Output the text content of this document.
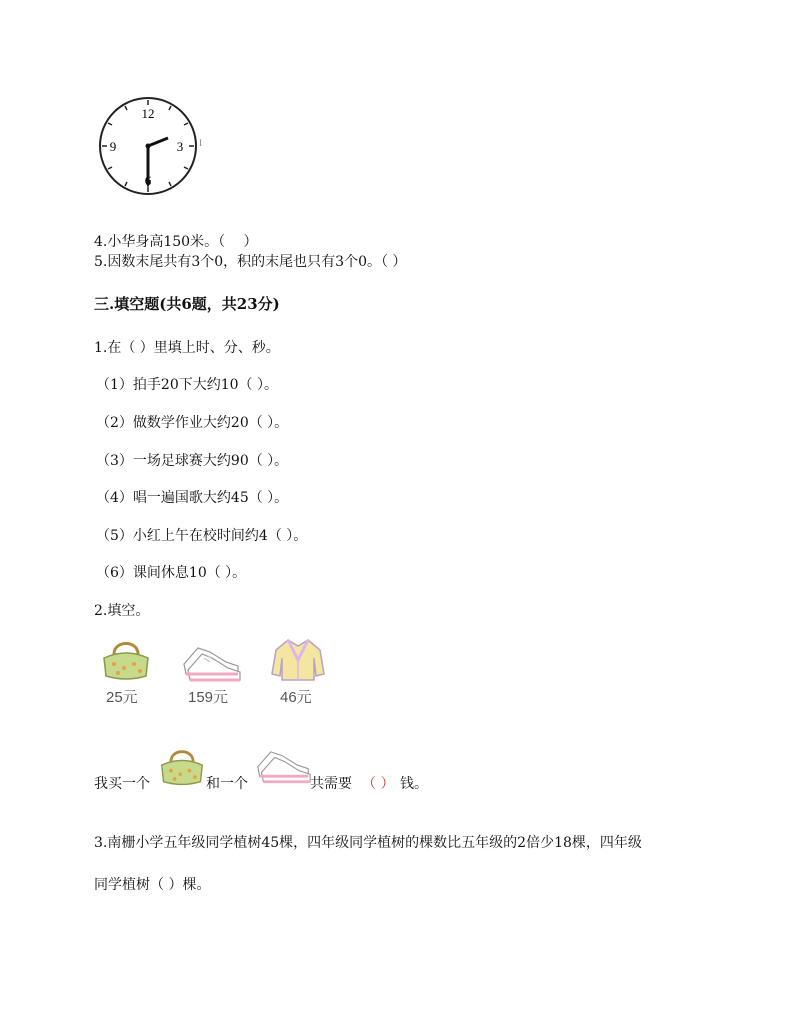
12
3
9	I
4.小华身高150米。（　 ）
5.因数末尾共有3个0，积的末尾也只有3个0。（ ）
三.填空题(共6题，共23分)
1.在（ ）里填上时、分、秒。
（1）拍手20下大约10（ ）。
（2）做数学作业大约20（ ）。
（3）一场足球赛大约90（ ）。
（4）唱一遍国歌大约45（ ）。
（5）小红上午在校时间约4（ ）。
（6）课间休息10（ ）。
2.填空。
25元	159元	46元
我买一个	和一个	共需要 （ ） 钱。
3.南栅小学五年级同学植树45棵，四年级同学植树的棵数比五年级的2倍少18棵，四年级
同学植树（ ）棵。
